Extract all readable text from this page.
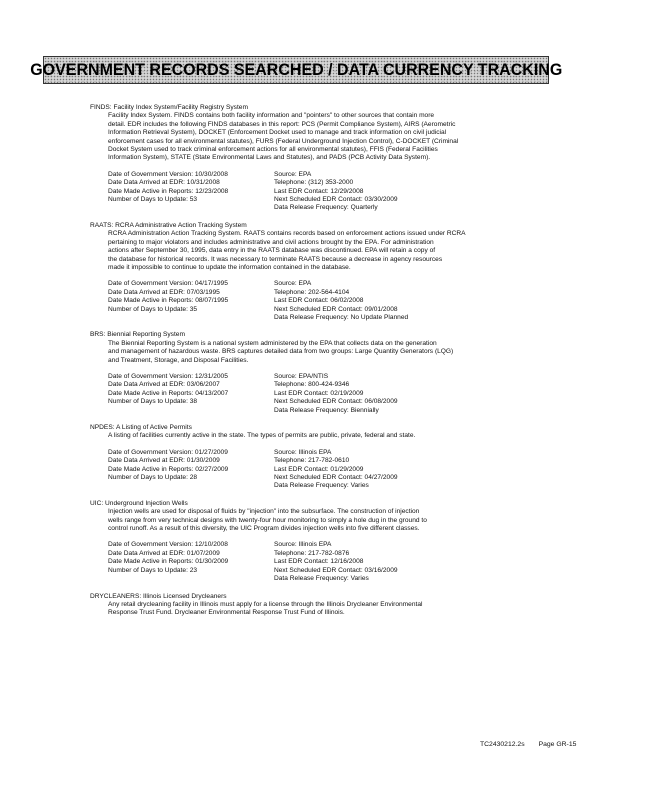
GOVERNMENT RECORDS SEARCHED / DATA CURRENCY TRACKING
FINDS: Facility Index System/Facility Registry System

Facility Index System. FINDS contains both facility information and "pointers" to other sources that contain more

detail. EDR includes the following FINDS databases in this report: PCS (Permit Compliance System), AIRS (Aerometric

Information Retrieval System), DOCKET (Enforcement Docket used to manage and track information on civil judicial

enforcement cases for all environmental statutes), FURS (Federal Underground Injection Control), C-DOCKET (Criminal

Docket System used to track criminal enforcement actions for all environmental statutes), FFIS (Federal Facilities

Information System), STATE (State Environmental Laws and Statutes), and PADS (PCB Activity Data System).

Date of Government Version: 10/30/2008
Date Data Arrived at EDR: 10/31/2008
Date Made Active in Reports: 12/23/2008
Number of Days to Update: 53
Source: EPA
Telephone: (312) 353-2000
Last EDR Contact: 12/29/2008
Next Scheduled EDR Contact: 03/30/2009
Data Release Frequency: Quarterly
RAATS: RCRA Administrative Action Tracking System

RCRA Administration Action Tracking System. RAATS contains records based on enforcement actions issued under RCRA

pertaining to major violators and includes administrative and civil actions brought by the EPA. For administration

actions after September 30, 1995, data entry in the RAATS database was discontinued. EPA will retain a copy of

the database for historical records. It was necessary to terminate RAATS because a decrease in agency resources

made it impossible to continue to update the information contained in the database.

Date of Government Version: 04/17/1995
Date Data Arrived at EDR: 07/03/1995
Date Made Active in Reports: 08/07/1995
Number of Days to Update: 35
Source: EPA
Telephone: 202-564-4104
Last EDR Contact: 06/02/2008
Next Scheduled EDR Contact: 09/01/2008
Data Release Frequency: No Update Planned
BRS: Biennial Reporting System

The Biennial Reporting System is a national system administered by the EPA that collects data on the generation

and management of hazardous waste. BRS captures detailed data from two groups: Large Quantity Generators (LQG)

and Treatment, Storage, and Disposal Facilities.

Date of Government Version: 12/31/2005
Date Data Arrived at EDR: 03/06/2007
Date Made Active in Reports: 04/13/2007
Number of Days to Update: 38
Source: EPA/NTIS
Telephone: 800-424-9346
Last EDR Contact: 02/19/2009
Next Scheduled EDR Contact: 06/08/2009
Data Release Frequency: Biennially
NPDES: A Listing of Active Permits

A listing of facilities currently active in the state. The types of permits are public, private, federal and state.

Date of Government Version: 01/27/2009
Date Data Arrived at EDR: 01/30/2009
Date Made Active in Reports: 02/27/2009
Number of Days to Update: 28
Source: Illinois EPA
Telephone: 217-782-0610
Last EDR Contact: 01/29/2009
Next Scheduled EDR Contact: 04/27/2009
Data Release Frequency: Varies
UIC: Underground Injection Wells

Injection wells are used for disposal of fluids by "injection" into the subsurface. The construction of injection

wells range from very technical designs with twenty-four hour monitoring to simply a hole dug in the ground to

control runoff. As a result of this diversity, the UIC Program divides injection wells into five different classes.

Date of Government Version: 12/10/2008
Date Data Arrived at EDR: 01/07/2009
Date Made Active in Reports: 01/30/2009
Number of Days to Update: 23
Source: Illinois EPA
Telephone: 217-782-0876
Last EDR Contact: 12/16/2008
Next Scheduled EDR Contact: 03/16/2009
Data Release Frequency: Varies
DRYCLEANERS: Illinois Licensed Drycleaners

Any retail drycleaning facility in Illinois must apply for a license through the Illinois Drycleaner Environmental

Response Trust Fund. Drycleaner Environmental Response Trust Fund of Illinois.

TC2430212.2s Page GR-15
